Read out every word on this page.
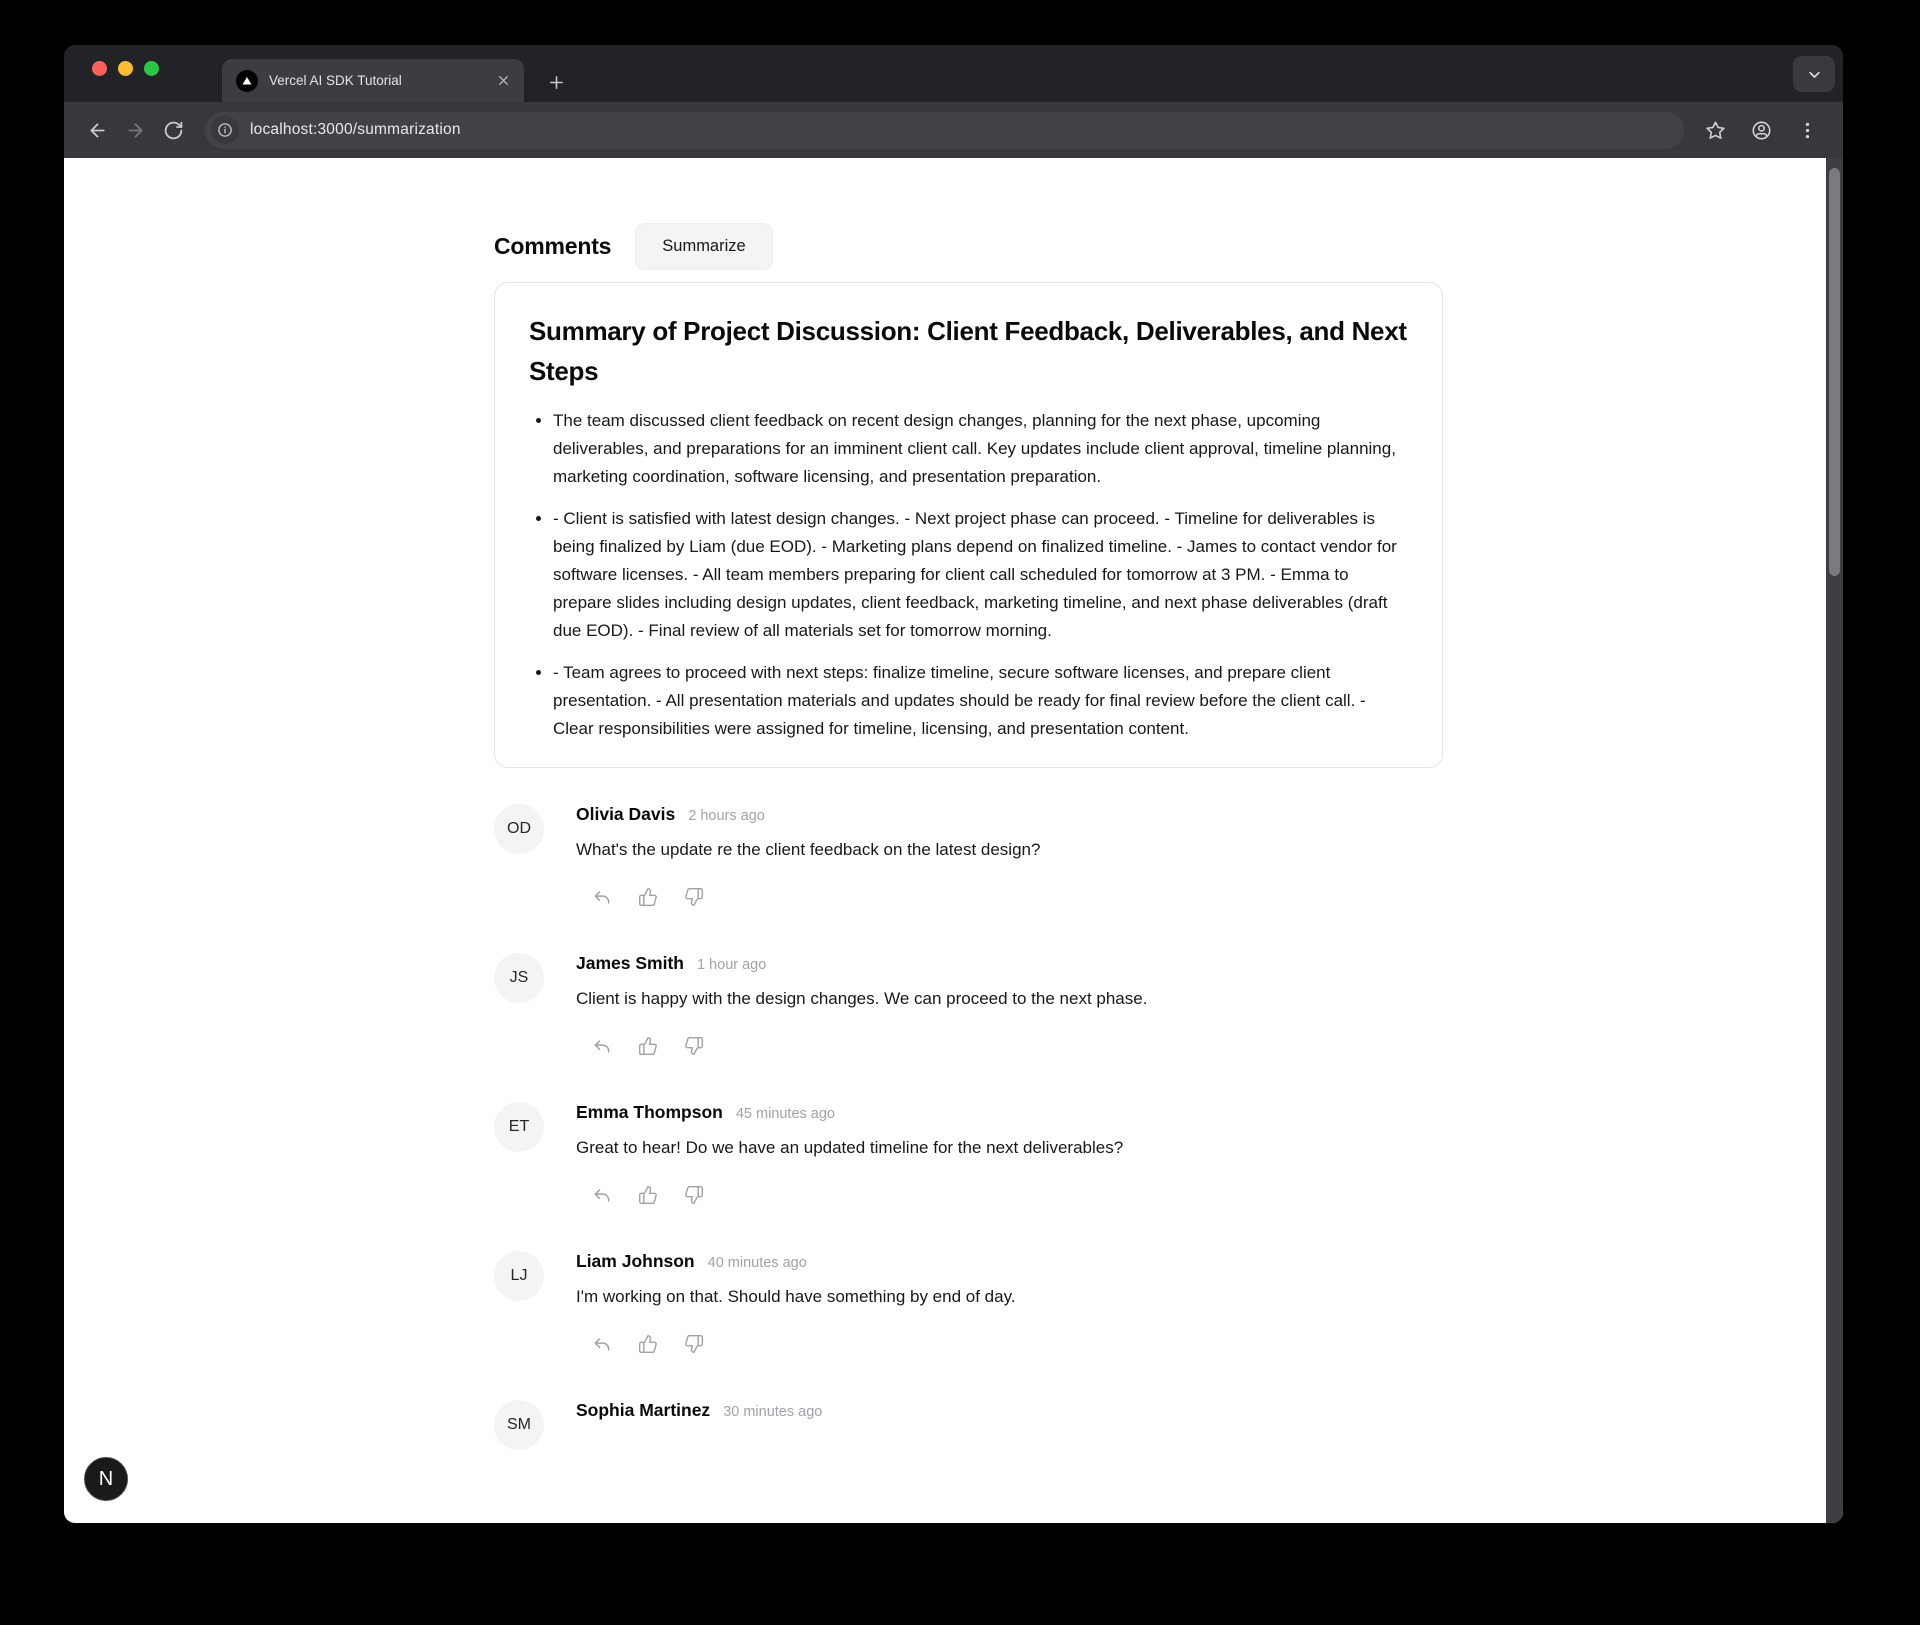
Vercel AI SDK Tutorial
localhost:3000/summarization
Comments	Summarize
Summary of Project Discussion: Client Feedback, Deliverables, and Next Steps
• The team discussed client feedback on recent design changes, planning for the next phase, upcoming deliverables, and preparations for an imminent client call. Key updates include client approval, timeline planning, marketing coordination, software licensing, and presentation preparation.
• - Client is satisfied with latest design changes. - Next project phase can proceed. - Timeline for deliverables is being finalized by Liam (due EOD). - Marketing plans depend on finalized timeline. - James to contact vendor for software licenses. - All team members preparing for client call scheduled for tomorrow at 3 PM. - Emma to prepare slides including design updates, client feedback, marketing timeline, and next phase deliverables (draft due EOD). - Final review of all materials set for tomorrow morning.
• - Team agrees to proceed with next steps: finalize timeline, secure software licenses, and prepare client presentation. - All presentation materials and updates should be ready for final review before the client call. - Clear responsibilities were assigned for timeline, licensing, and presentation content.
OD
Olivia Davis 2 hours ago
What's the update re the client feedback on the latest design?
JS
James Smith 1 hour ago
Client is happy with the design changes. We can proceed to the next phase.
ET
Emma Thompson 45 minutes ago
Great to hear! Do we have an updated timeline for the next deliverables?
LJ
Liam Johnson 40 minutes ago
I'm working on that. Should have something by end of day.
SM
Sophia Martinez 30 minutes ago
N
